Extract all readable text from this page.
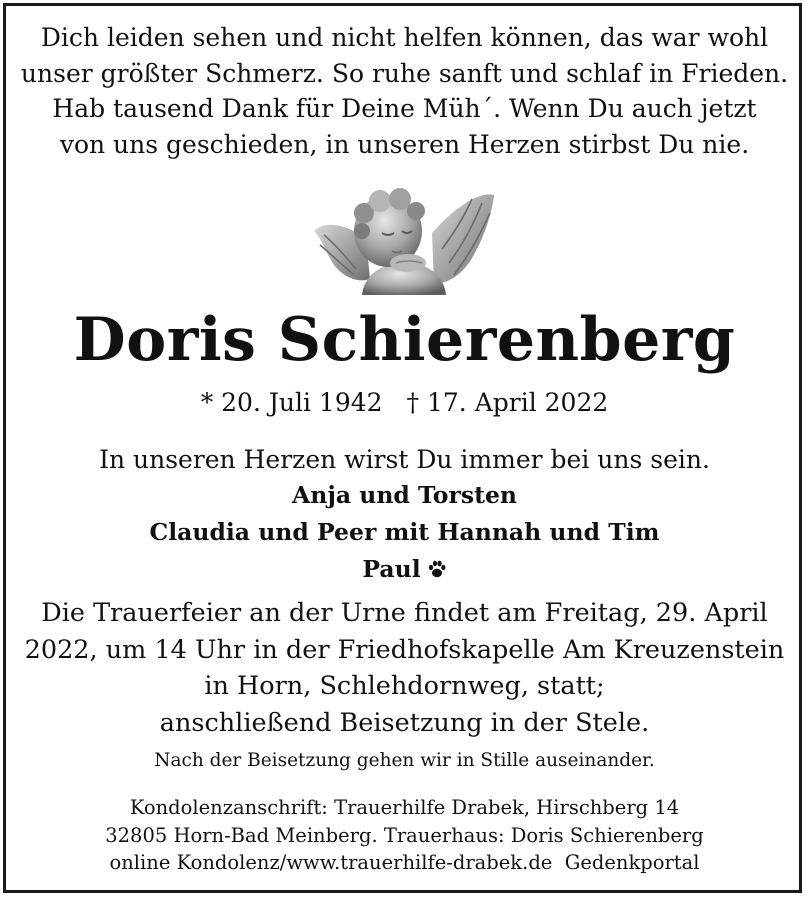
Dich leiden sehen und nicht helfen können, das war wohl
unser größter Schmerz. So ruhe sanft und schlaf in Frieden.
Hab tausend Dank für Deine Müh´. Wenn Du auch jetzt
von uns geschieden, in unseren Herzen stirbst Du nie.
Doris Schierenberg
* 20. Juli 1942 † 17. April 2022
In unseren Herzen wirst Du immer bei uns sein.
Anja und Torsten
Claudia und Peer mit Hannah und Tim
Paul
Die Trauerfeier an der Urne findet am Freitag, 29. April
2022, um 14 Uhr in der Friedhofskapelle Am Kreuzenstein
in Horn, Schlehdornweg, statt;
anschließend Beisetzung in der Stele.
Nach der Beisetzung gehen wir in Stille auseinander.
Kondolenzanschrift: Trauerhilfe Drabek, Hirschberg 14
32805 Horn-Bad Meinberg. Trauerhaus: Doris Schierenberg
online Kondolenz/www.trauerhilfe-drabek.de  Gedenkportal
